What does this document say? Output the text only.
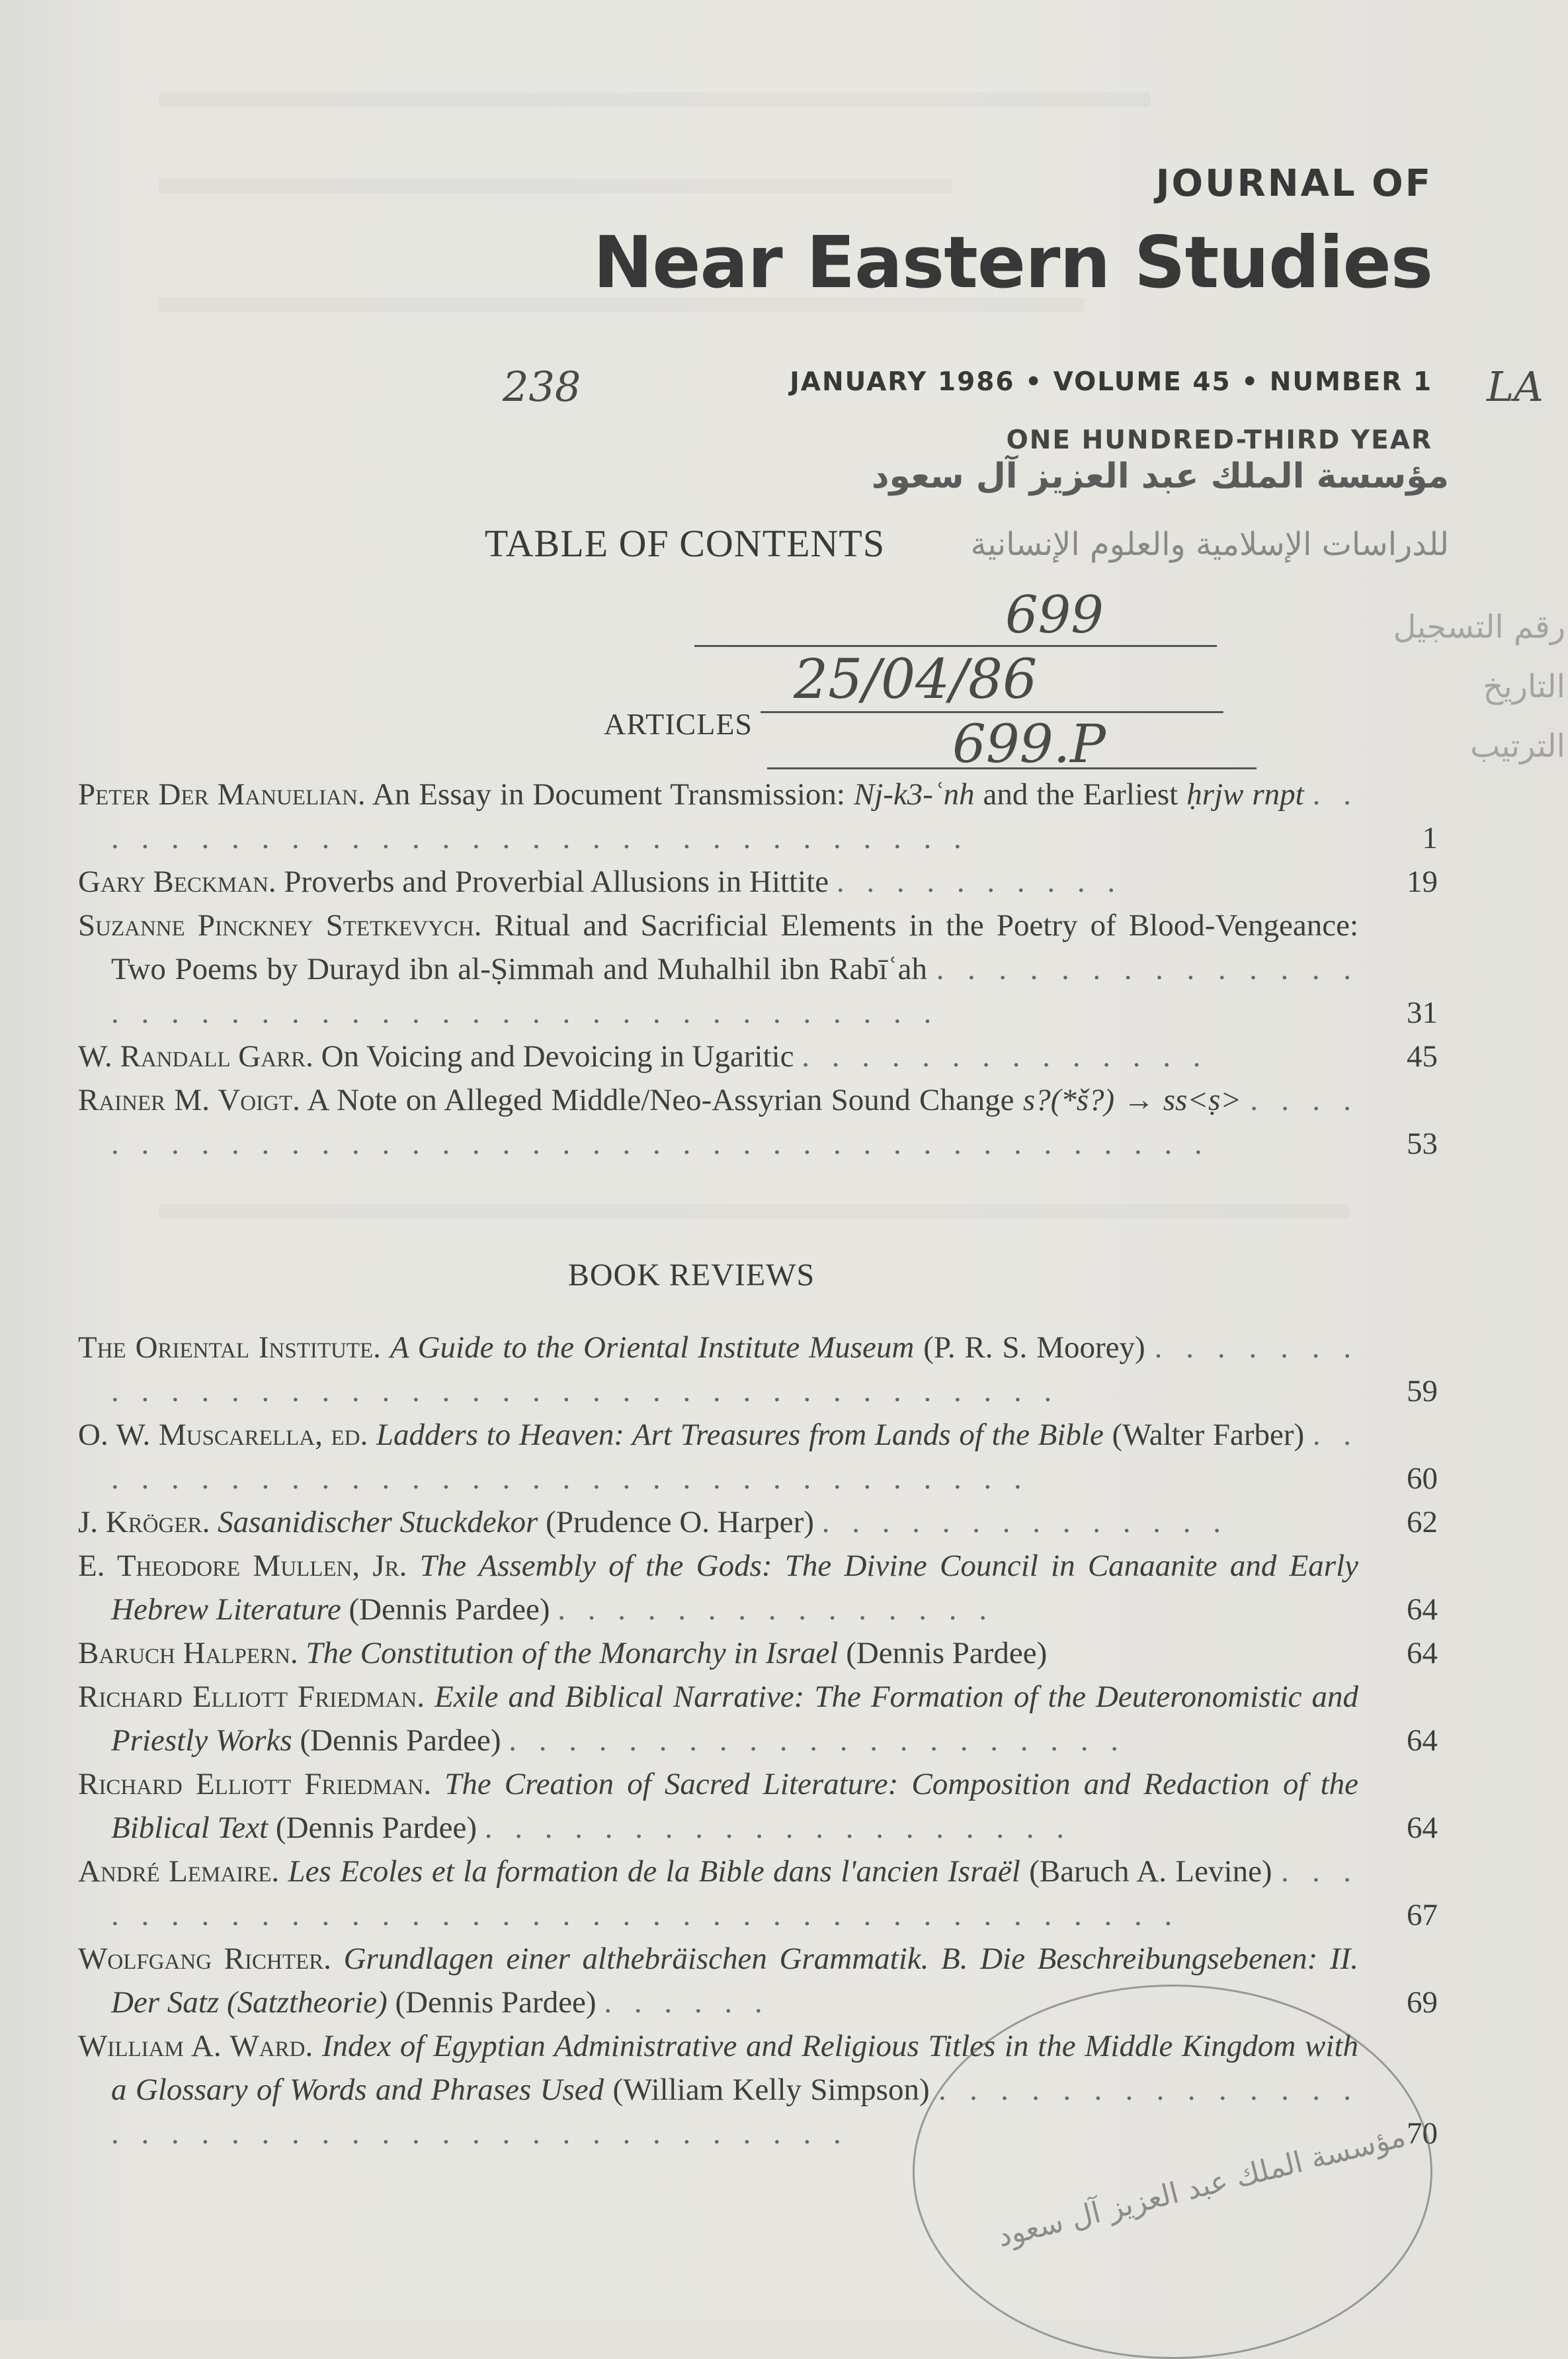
JOURNAL OF
Near Eastern Studies
JANUARY 1986 • VOLUME 45 • NUMBER 1
ONE HUNDRED-THIRD YEAR
238	LA
مؤسسة الملك عبد العزيز آل سعود
للدراسات الإسلامية والعلوم الإنسانية
رقم التسجيل
التاريخ
الترتيب
TABLE OF CONTENTS
699
25/04/86
699.P
ARTICLES
Peter Der Manuelian. An Essay in Document Transmission: Nj-k3-ʿnh and the Earliest ḥrjw rnpt . . . . . . . . . . . . . . . . . . . . . . . . . . . . . . .	1
Gary Beckman. Proverbs and Proverbial Allusions in Hittite . . . . . . . . . .	19
Suzanne Pinckney Stetkevych. Ritual and Sacrificial Elements in the Poetry of Blood-Vengeance: Two Poems by Durayd ibn al-Ṣimmah and Muhalhil ibn Rabīʿah . . . . . . . . . . . . . . . . . . . . . . . . . . . . . . . . . . . . . . . . . .	31
W. Randall Garr. On Voicing and Devoicing in Ugaritic . . . . . . . . . . . . . .	45
Rainer M. Voigt. A Note on Alleged Middle/Neo-Assyrian Sound Change s?(*š?) → ss<ṣ> . . . . . . . . . . . . . . . . . . . . . . . . . . . . . . . . . . . . . . . . .	53
BOOK REVIEWS
The Oriental Institute. A Guide to the Oriental Institute Museum (P. R. S. Moorey) . . . . . . . . . . . . . . . . . . . . . . . . . . . . . . . . . . . . . . .	59
O. W. Muscarella, ed. Ladders to Heaven: Art Treasures from Lands of the Bible (Walter Farber) . . . . . . . . . . . . . . . . . . . . . . . . . . . . . . . . .	60
J. Kröger. Sasanidischer Stuckdekor (Prudence O. Harper) . . . . . . . . . . . . . .	62
E. Theodore Mullen, Jr. The Assembly of the Gods: The Divine Council in Canaanite and Early Hebrew Literature (Dennis Pardee) . . . . . . . . . . . . . . .	64
Baruch Halpern. The Constitution of the Monarchy in Israel (Dennis Pardee)	64
Richard Elliott Friedman. Exile and Biblical Narrative: The Formation of the Deuteronomistic and Priestly Works (Dennis Pardee) . . . . . . . . . . . . . . . . . . . . .	64
Richard Elliott Friedman. The Creation of Sacred Literature: Composition and Redaction of the Biblical Text (Dennis Pardee) . . . . . . . . . . . . . . . . . . . .	64
André Lemaire. Les Ecoles et la formation de la Bible dans l'ancien Israël (Baruch A. Levine) . . . . . . . . . . . . . . . . . . . . . . . . . . . . . . . . . . . . . . .	67
Wolfgang Richter. Grundlagen einer althebräischen Grammatik. B. Die Beschreibungsebenen: II. Der Satz (Satztheorie) (Dennis Pardee) . . . . . .	69
William A. Ward. Index of Egyptian Administrative and Religious Titles in the Middle Kingdom with a Glossary of Words and Phrases Used (William Kelly Simpson) . . . . . . . . . . . . . . . . . . . . . . . . . . . . . . . . . . . . . . .	70
مؤسسة الملك عبد العزيز آل سعود
